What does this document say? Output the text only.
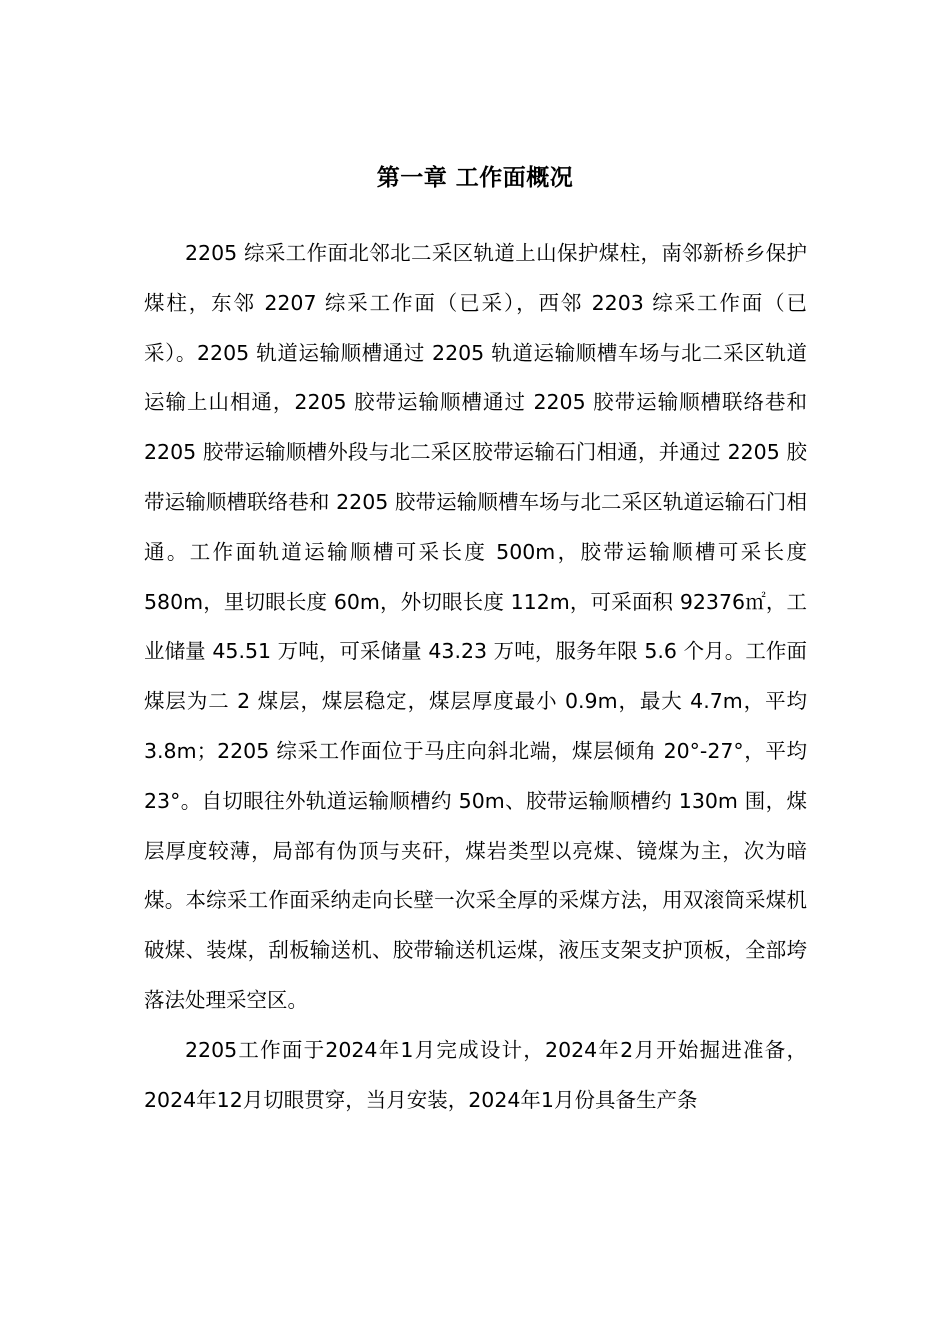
第一章 工作面概况

2205 综采工作面北邻北二采区轨道上山保护煤柱，南邻新桥乡保护煤柱，东邻 2207 综采工作面（已采），西邻 2203 综采工作面（已采）。2205 轨道运输顺槽通过 2205 轨道运输顺槽车场与北二采区轨道运输上山相通，2205 胶带运输顺槽通过 2205 胶带运输顺槽联络巷和 2205 胶带运输顺槽外段与北二采区胶带运输石门相通，并通过 2205 胶带运输顺槽联络巷和 2205 胶带运输顺槽车场与北二采区轨道运输石门相通。工作面轨道运输顺槽可采长度 500m，胶带运输顺槽可采长度 580m，里切眼长度 60m，外切眼长度 112m，可采面积 92376㎡，工业储量 45.51 万吨，可采储量 43.23 万吨，服务年限 5.6 个月。工作面煤层为二 2 煤层，煤层稳定，煤层厚度最小 0.9m，最大 4.7m，平均 3.8m；2205 综采工作面位于马庄向斜北端，煤层倾角 20°-27°，平均 23°。自切眼往外轨道运输顺槽约 50m、胶带运输顺槽约 130m 围，煤层厚度较薄，局部有伪顶与夹矸，煤岩类型以亮煤、镜煤为主，次为暗煤。本综采工作面采纳走向长壁一次采全厚的采煤方法，用双滚筒采煤机破煤、装煤，刮板输送机、胶带输送机运煤，液压支架支护顶板，全部垮落法处理采空区。

2205工作面于2024年1月完成设计，2024年2月开始掘进准备，2024年12月切眼贯穿，当月安装，2024年1月份具备生产条
